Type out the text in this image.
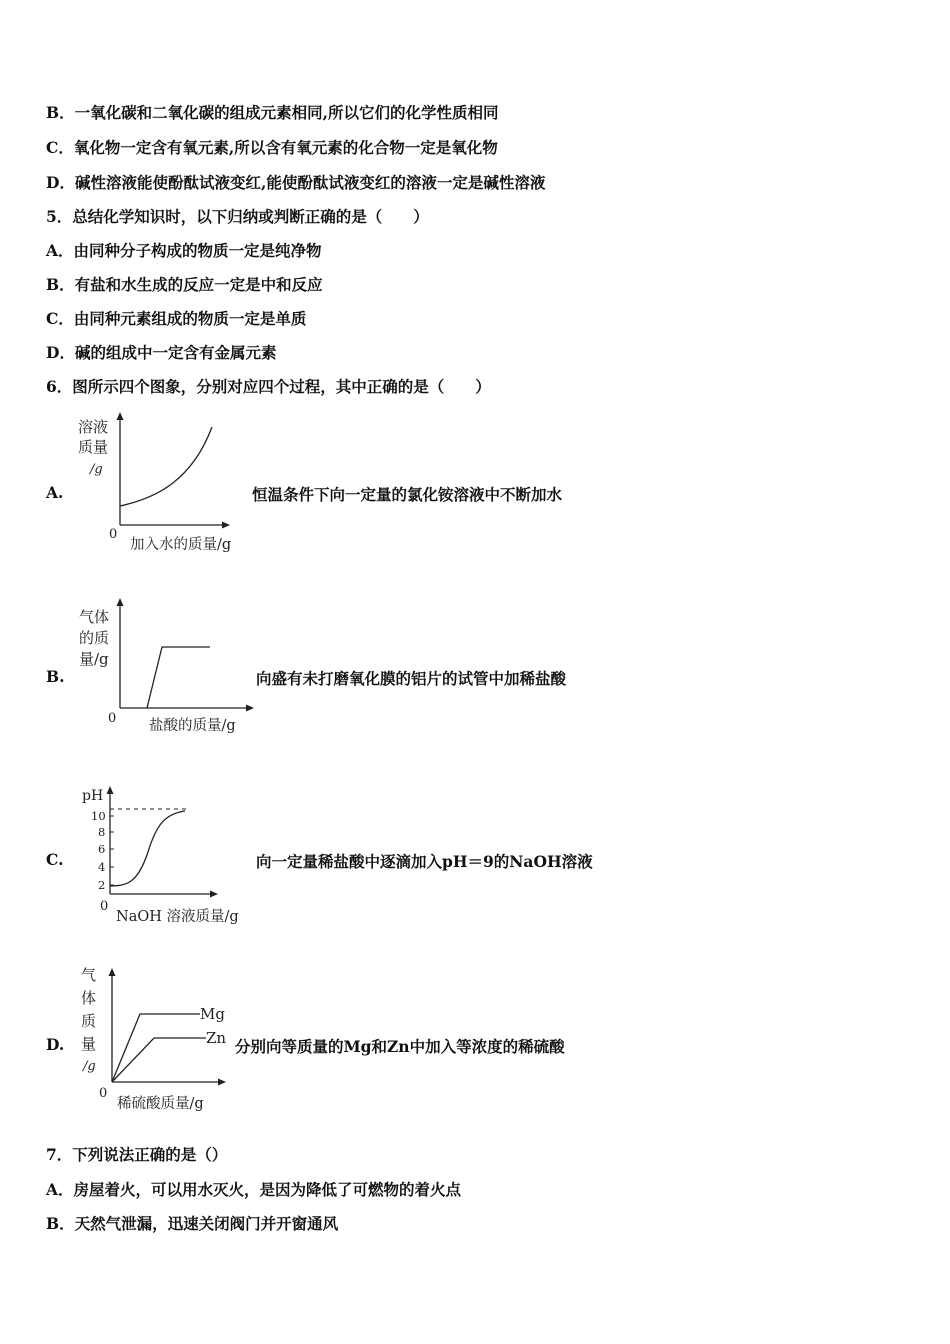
B．一氧化碳和二氧化碳的组成元素相同,所以它们的化学性质相同
C．氧化物一定含有氧元素,所以含有氧元素的化合物一定是氧化物
D．碱性溶液能使酚酞试液变红,能使酚酞试液变红的溶液一定是碱性溶液
5．总结化学知识时，以下归纳或判断正确的是（　　）
A．由同种分子构成的物质一定是纯净物
B．有盐和水生成的反应一定是中和反应
C．由同种元素组成的物质一定是单质
D．碱的组成中一定含有金属元素
6．图所示四个图象，分别对应四个过程，其中正确的是（　　）
A.
溶液
质量
/g
0
加入水的质量/g
恒温条件下向一定量的氯化铵溶液中不断加水
B.
气体
的质
量/g
0 盐酸的质量/g
向盛有未打磨氧化膜的铝片的试管中加稀盐酸
C.
pH
10
8
6
4
2
0
NaOH 溶液质量/g
向一定量稀盐酸中逐滴加入pH＝9的NaOH溶液
D.
Mg
Zn
气
体
质
量
/g
0
稀硫酸质量/g
分别向等质量的Mg和Zn中加入等浓度的稀硫酸
7．下列说法正确的是（）
A．房屋着火，可以用水灭火，是因为降低了可燃物的着火点
B．天然气泄漏，迅速关闭阀门并开窗通风
